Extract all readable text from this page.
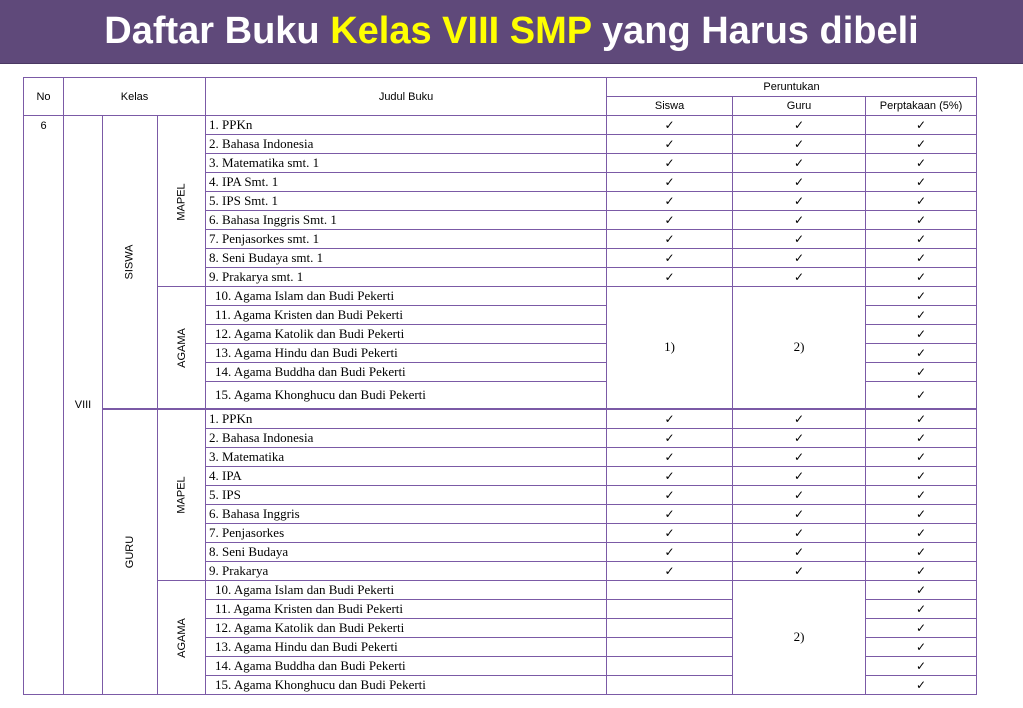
Daftar Buku Kelas VIII SMP yang Harus dibeli
No	Kelas			Judul Buku	Peruntukan		
					Siswa	Guru	Perptakaan (5%)
6	VIII	SISWA	MAPEL	1. PPKn	✓	✓	✓
				2. Bahasa Indonesia	✓	✓	✓
				3. Matematika smt. 1	✓	✓	✓
				4. IPA Smt. 1	✓	✓	✓
				5. IPS Smt. 1	✓	✓	✓
				6. Bahasa Inggris Smt. 1	✓	✓	✓
				7. Penjasorkes smt. 1	✓	✓	✓
				8. Seni Budaya smt. 1	✓	✓	✓
				9. Prakarya smt. 1	✓	✓	✓
			AGAMA	10. Agama Islam dan Budi Pekerti	1)	2)	✓
				11. Agama Kristen dan Budi Pekerti			✓
				12. Agama Katolik dan Budi Pekerti			✓
				13. Agama Hindu dan Budi Pekerti			✓
				14. Agama Buddha dan Budi Pekerti			✓
				15. Agama Khonghucu dan Budi Pekerti			✓
		GURU	MAPEL	1. PPKn	✓	✓	✓
				2. Bahasa Indonesia	✓	✓	✓
				3. Matematika	✓	✓	✓
				4. IPA	✓	✓	✓
				5. IPS	✓	✓	✓
				6. Bahasa Inggris	✓	✓	✓
				7. Penjasorkes	✓	✓	✓
				8. Seni Budaya	✓	✓	✓
				9. Prakarya	✓	✓	✓
			AGAMA	10. Agama Islam dan Budi Pekerti		2)	✓
				11. Agama Kristen dan Budi Pekerti			✓
				12. Agama Katolik dan Budi Pekerti			✓
				13. Agama Hindu dan Budi Pekerti			✓
				14. Agama Buddha dan Budi Pekerti			✓
				15. Agama Khonghucu dan Budi Pekerti			✓
